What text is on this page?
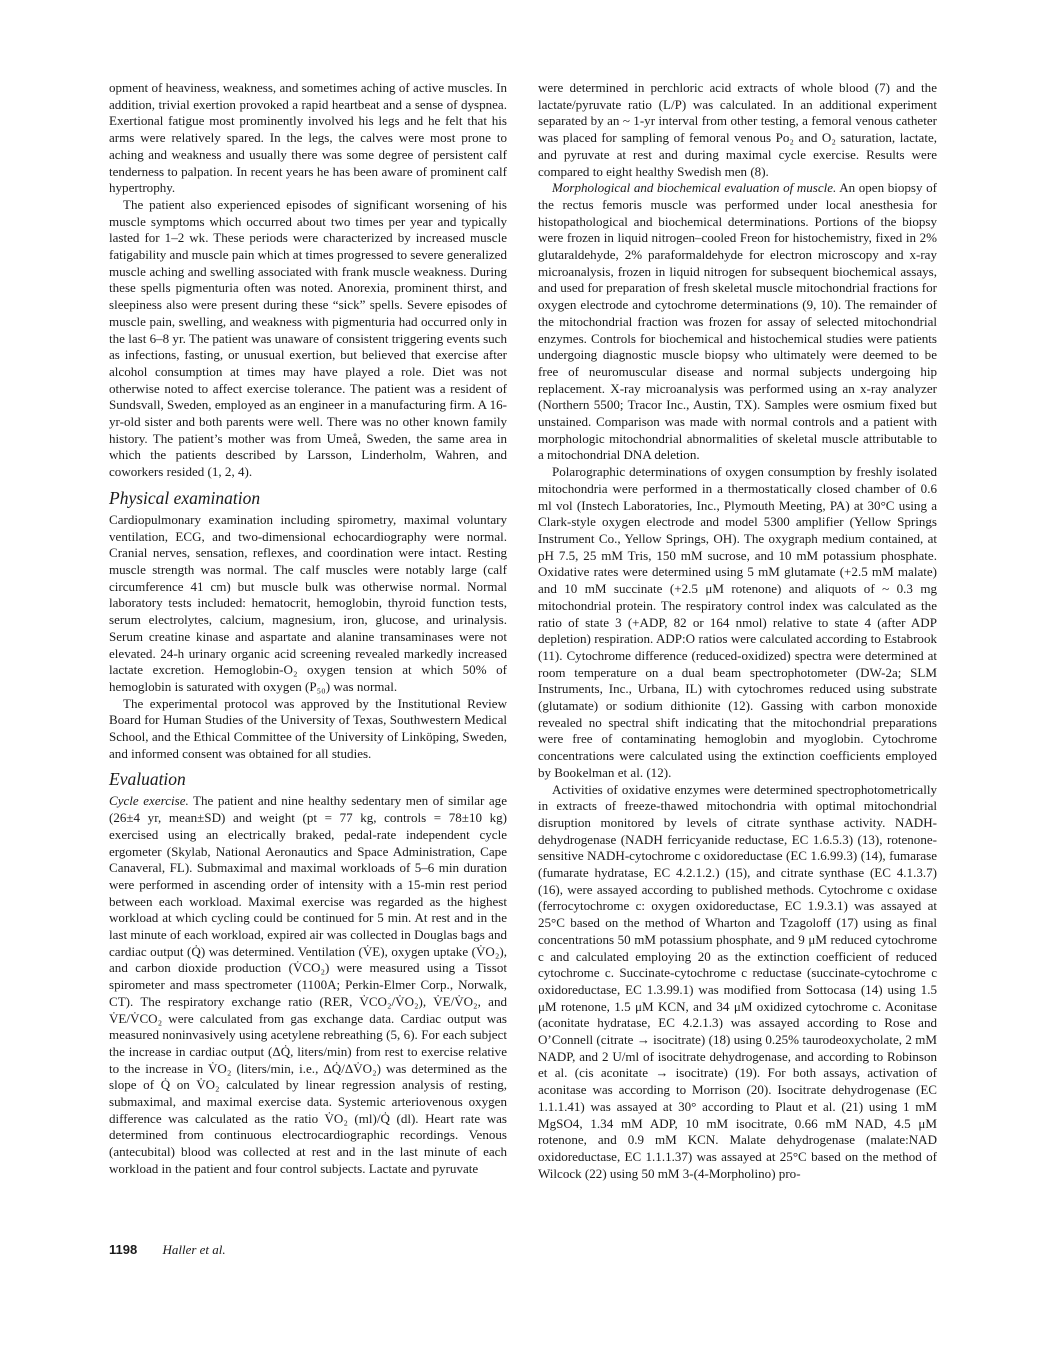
opment of heaviness, weakness, and sometimes aching of active muscles. In addition, trivial exertion provoked a rapid heartbeat and a sense of dyspnea. Exertional fatigue most prominently involved his legs and he felt that his arms were relatively spared. In the legs, the calves were most prone to aching and weakness and usually there was some degree of persistent calf tenderness to palpation. In recent years he has been aware of prominent calf hypertrophy.

The patient also experienced episodes of significant worsening of his muscle symptoms which occurred about two times per year and typically lasted for 1–2 wk. These periods were characterized by increased muscle fatigability and muscle pain which at times progressed to severe generalized muscle aching and swelling associated with frank muscle weakness. During these spells pigmenturia often was noted. Anorexia, prominent thirst, and sleepiness also were present during these “sick” spells. Severe episodes of muscle pain, swelling, and weakness with pigmenturia had occurred only in the last 6–8 yr. The patient was unaware of consistent triggering events such as infections, fasting, or unusual exertion, but believed that exercise after alcohol consumption at times may have played a role. Diet was not otherwise noted to affect exercise tolerance. The patient was a resident of Sundsvall, Sweden, employed as an engineer in a manufacturing firm. A 16-yr-old sister and both parents were well. There was no other known family history. The patient’s mother was from Umeå, Sweden, the same area in which the patients described by Larsson, Linderholm, Wahren, and coworkers resided (1, 2, 4).

Physical examination

Cardiopulmonary examination including spirometry, maximal voluntary ventilation, ECG, and two-dimensional echocardiography were normal. Cranial nerves, sensation, reflexes, and coordination were intact. Resting muscle strength was normal. The calf muscles were notably large (calf circumference 41 cm) but muscle bulk was otherwise normal. Normal laboratory tests included: hematocrit, hemoglobin, thyroid function tests, serum electrolytes, calcium, magnesium, iron, glucose, and urinalysis. Serum creatine kinase and aspartate and alanine transaminases were not elevated. 24-h urinary organic acid screening revealed markedly increased lactate excretion. Hemoglobin-O₂ oxygen tension at which 50% of hemoglobin is saturated with oxygen (P₅₀) was normal.

The experimental protocol was approved by the Institutional Review Board for Human Studies of the University of Texas, Southwestern Medical School, and the Ethical Committee of the University of Linköping, Sweden, and informed consent was obtained for all studies.

Evaluation

Cycle exercise. The patient and nine healthy sedentary men of similar age (26±4 yr, mean±SD) and weight (pt = 77 kg, controls = 78±10 kg) exercised using an electrically braked, pedal-rate independent cycle ergometer (Skylab, National Aeronautics and Space Administration, Cape Canaveral, FL). Submaximal and maximal workloads of 5–6 min duration were performed in ascending order of intensity with a 15-min rest period between each workload. Maximal exercise was regarded as the highest workload at which cycling could be continued for 5 min. At rest and in the last minute of each workload, expired air was collected in Douglas bags and cardiac output (Q̇) was determined. Ventilation (V̇E), oxygen uptake (V̇O₂), and carbon dioxide production (V̇CO₂) were measured using a Tissot spirometer and mass spectrometer (1100A; Perkin-Elmer Corp., Norwalk, CT). The respiratory exchange ratio (RER, V̇CO₂/V̇O₂), V̇E/V̇O₂, and V̇E/V̇CO₂ were calculated from gas exchange data. Cardiac output was measured noninvasively using acetylene rebreathing (5, 6). For each subject the increase in cardiac output (ΔQ̇, liters/min) from rest to exercise relative to the increase in V̇O₂ (liters/min, i.e., ΔQ̇/ΔV̇O₂) was determined as the slope of Q̇ on V̇O₂ calculated by linear regression analysis of resting, submaximal, and maximal exercise data. Systemic arteriovenous oxygen difference was calculated as the ratio V̇O₂ (ml)/Q̇ (dl). Heart rate was determined from continuous electrocardiographic recordings. Venous (antecubital) blood was collected at rest and in the last minute of each workload in the patient and four control subjects. Lactate and pyruvate

were determined in perchloric acid extracts of whole blood (7) and the lactate/pyruvate ratio (L/P) was calculated. In an additional experiment separated by an ~ 1-yr interval from other testing, a femoral venous catheter was placed for sampling of femoral venous Po₂ and O₂ saturation, lactate, and pyruvate at rest and during maximal cycle exercise. Results were compared to eight healthy Swedish men (8).

Morphological and biochemical evaluation of muscle. An open biopsy of the rectus femoris muscle was performed under local anesthesia for histopathological and biochemical determinations. Portions of the biopsy were frozen in liquid nitrogen–cooled Freon for histochemistry, fixed in 2% glutaraldehyde, 2% paraformaldehyde for electron microscopy and x-ray microanalysis, frozen in liquid nitrogen for subsequent biochemical assays, and used for preparation of fresh skeletal muscle mitochondrial fractions for oxygen electrode and cytochrome determinations (9, 10). The remainder of the mitochondrial fraction was frozen for assay of selected mitochondrial enzymes. Controls for biochemical and histochemical studies were patients undergoing diagnostic muscle biopsy who ultimately were deemed to be free of neuromuscular disease and normal subjects undergoing hip replacement. X-ray microanalysis was performed using an x-ray analyzer (Northern 5500; Tracor Inc., Austin, TX). Samples were osmium fixed but unstained. Comparison was made with normal controls and a patient with morphologic mitochondrial abnormalities of skeletal muscle attributable to a mitochondrial DNA deletion.

Polarographic determinations of oxygen consumption by freshly isolated mitochondria were performed in a thermostatically closed chamber of 0.6 ml vol (Instech Laboratories, Inc., Plymouth Meeting, PA) at 30°C using a Clark-style oxygen electrode and model 5300 amplifier (Yellow Springs Instrument Co., Yellow Springs, OH). The oxygraph medium contained, at pH 7.5, 25 mM Tris, 150 mM sucrose, and 10 mM potassium phosphate. Oxidative rates were determined using 5 mM glutamate (+2.5 mM malate) and 10 mM succinate (+2.5 μM rotenone) and aliquots of ~ 0.3 mg mitochondrial protein. The respiratory control index was calculated as the ratio of state 3 (+ADP, 82 or 164 nmol) relative to state 4 (after ADP depletion) respiration. ADP:O ratios were calculated according to Estabrook (11). Cytochrome difference (reduced-oxidized) spectra were determined at room temperature on a dual beam spectrophotometer (DW-2a; SLM Instruments, Inc., Urbana, IL) with cytochromes reduced using substrate (glutamate) or sodium dithionite (12). Gassing with carbon monoxide revealed no spectral shift indicating that the mitochondrial preparations were free of contaminating hemoglobin and myoglobin. Cytochrome concentrations were calculated using the extinction coefficients employed by Bookelman et al. (12).

Activities of oxidative enzymes were determined spectrophotometrically in extracts of freeze-thawed mitochondria with optimal mitochondrial disruption monitored by levels of citrate synthase activity. NADH-dehydrogenase (NADH ferricyanide reductase, EC 1.6.5.3) (13), rotenone-sensitive NADH-cytochrome c oxidoreductase (EC 1.6.99.3) (14), fumarase (fumarate hydratase, EC 4.2.1.2.) (15), and citrate synthase (EC 4.1.3.7) (16), were assayed according to published methods. Cytochrome c oxidase (ferrocytochrome c: oxygen oxidoreductase, EC 1.9.3.1) was assayed at 25°C based on the method of Wharton and Tzagoloff (17) using as final concentrations 50 mM potassium phosphate, and 9 μM reduced cytochrome c and calculated employing 20 as the extinction coefficient of reduced cytochrome c. Succinate-cytochrome c reductase (succinate-cytochrome c oxidoreductase, EC 1.3.99.1) was modified from Sottocasa (14) using 1.5 μM rotenone, 1.5 μM KCN, and 34 μM oxidized cytochrome c. Aconitase (aconitate hydratase, EC 4.2.1.3) was assayed according to Rose and O’Connell (citrate → isocitrate) (18) using 0.25% taurodeoxycholate, 2 mM NADP, and 2 U/ml of isocitrate dehydrogenase, and according to Robinson et al. (cis aconitate → isocitrate) (19). For both assays, activation of aconitase was according to Morrison (20). Isocitrate dehydrogenase (EC 1.1.1.41) was assayed at 30° according to Plaut et al. (21) using 1 mM MgSO4, 1.34 mM ADP, 10 mM isocitrate, 0.66 mM NAD, 4.5 μM rotenone, and 0.9 mM KCN. Malate dehydrogenase (malate:NAD oxidoreductase, EC 1.1.1.37) was assayed at 25°C based on the method of Wilcock (22) using 50 mM 3-(4-Morpholino) pro-

1198 Haller et al.
